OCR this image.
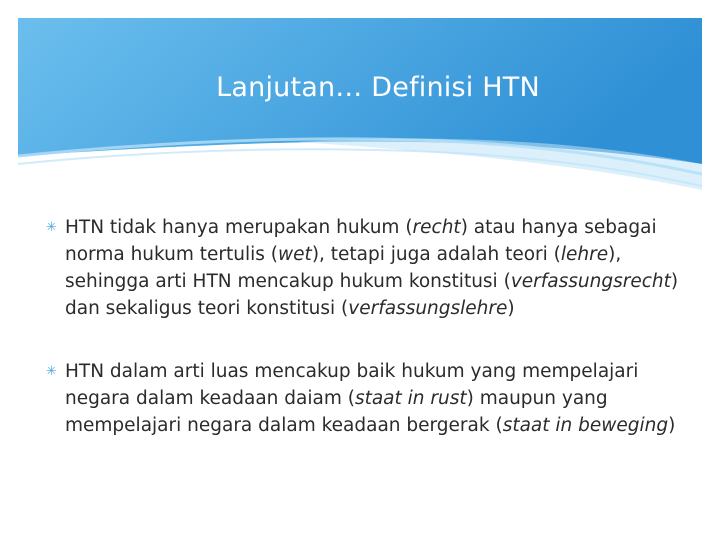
Lanjutan… Definisi HTN
✳ HTN tidak hanya merupakan hukum (recht) atau hanya sebagai norma hukum tertulis (wet), tetapi juga adalah teori (lehre), sehingga arti HTN mencakup hukum konstitusi (verfassungsrecht) dan sekaligus teori konstitusi (verfassungslehre)
✳ HTN dalam arti luas mencakup baik hukum yang mempelajari negara dalam keadaan daiam (staat in rust) maupun yang mempelajari negara dalam keadaan bergerak (staat in beweging)
